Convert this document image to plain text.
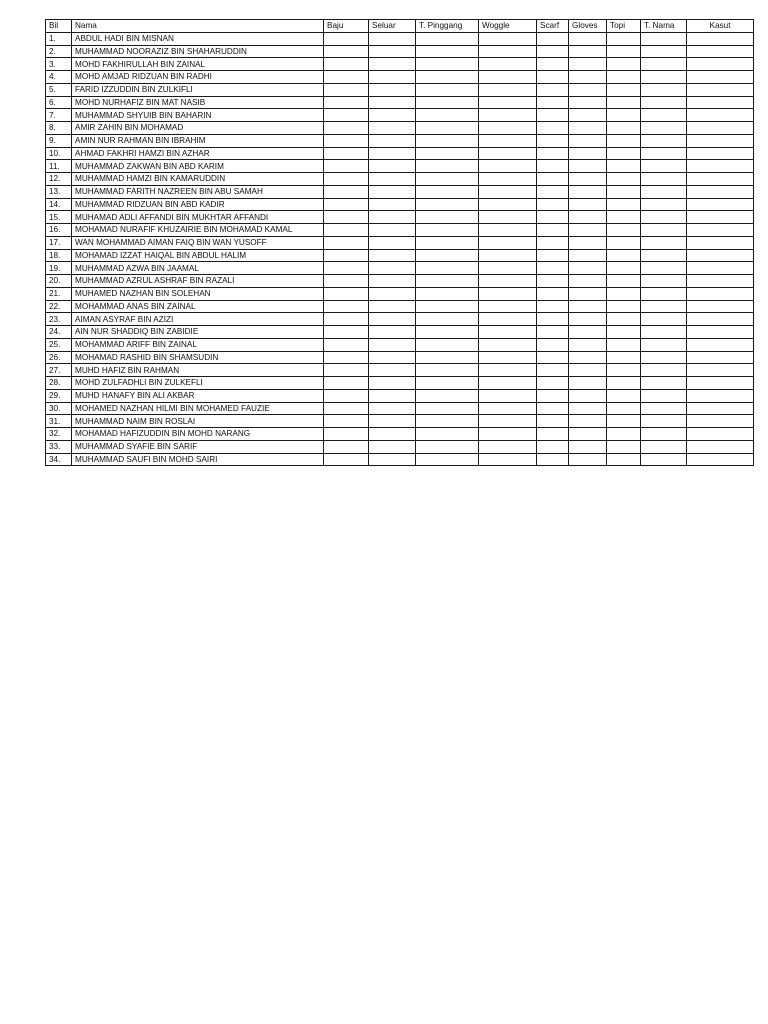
Bil	Nama	Baju	Seluar	T. Pinggang	Woggle	Scarf	Gloves	Topi	T. Nama	Kasut
1.	ABDUL HADI BIN MISNAN									
2.	MUHAMMAD NOORAZIZ BIN SHAHARUDDIN									
3.	MOHD FAKHIRULLAH BIN ZAINAL									
4.	MOHD AMJAD RIDZUAN BIN RADHI									
5.	FARID IZZUDDIN BIN ZULKIFLI									
6.	MOHD NURHAFIZ BIN MAT NASIB									
7.	MUHAMMAD SHYUIB BIN BAHARIN									
8.	AMIR ZAHIN BIN MOHAMAD									
9.	AMIN NUR RAHMAN BIN IBRAHIM									
10.	AHMAD FAKHRI HAMZI BIN AZHAR									
11.	MUHAMMAD ZAKWAN BIN ABD KARIM									
12.	MUHAMMAD HAMZI BIN KAMARUDDIN									
13.	MUHAMMAD FARITH NAZREEN BIN ABU SAMAH									
14.	MUHAMMAD RIDZUAN BIN ABD KADIR									
15.	MUHAMAD ADLI AFFANDI BIN MUKHTAR AFFANDI									
16.	MOHAMAD NURAFIF KHUZAIRIE BIN MOHAMAD KAMAL									
17.	WAN MOHAMMAD AIMAN FAIQ BIN WAN YUSOFF									
18.	MOHAMAD IZZAT HAIQAL BIN ABDUL HALIM									
19.	MUHAMMAD AZWA BIN JAAMAL									
20.	MUHAMMAD AZRUL ASHRAF BIN RAZALI									
21.	MUHAMED NAZHAN BIN SOLEHAN									
22.	MOHAMMAD ANAS BIN ZAINAL									
23.	AIMAN ASYRAF BIN AZIZI									
24.	AIN NUR SHADDIQ BIN ZABIDIE									
25.	MOHAMMAD ARIFF BIN ZAINAL									
26.	MOHAMAD RASHID BIN SHAMSUDIN									
27.	MUHD HAFIZ BIN RAHMAN									
28.	MOHD ZULFADHLI BIN ZULKEFLI									
29.	MUHD HANAFY BIN ALI AKBAR									
30.	MOHAMED NAZHAN HILMI BIN MOHAMED FAUZIE									
31.	MUHAMMAD NAIM BIN ROSLAI									
32.	MOHAMAD HAFIZUDDIN BIN MOHD NARANG									
33.	MUHAMMAD SYAFIE BIN SARIF									
34.	MUHAMMAD SAUFI BIN MOHD SAIRI									
